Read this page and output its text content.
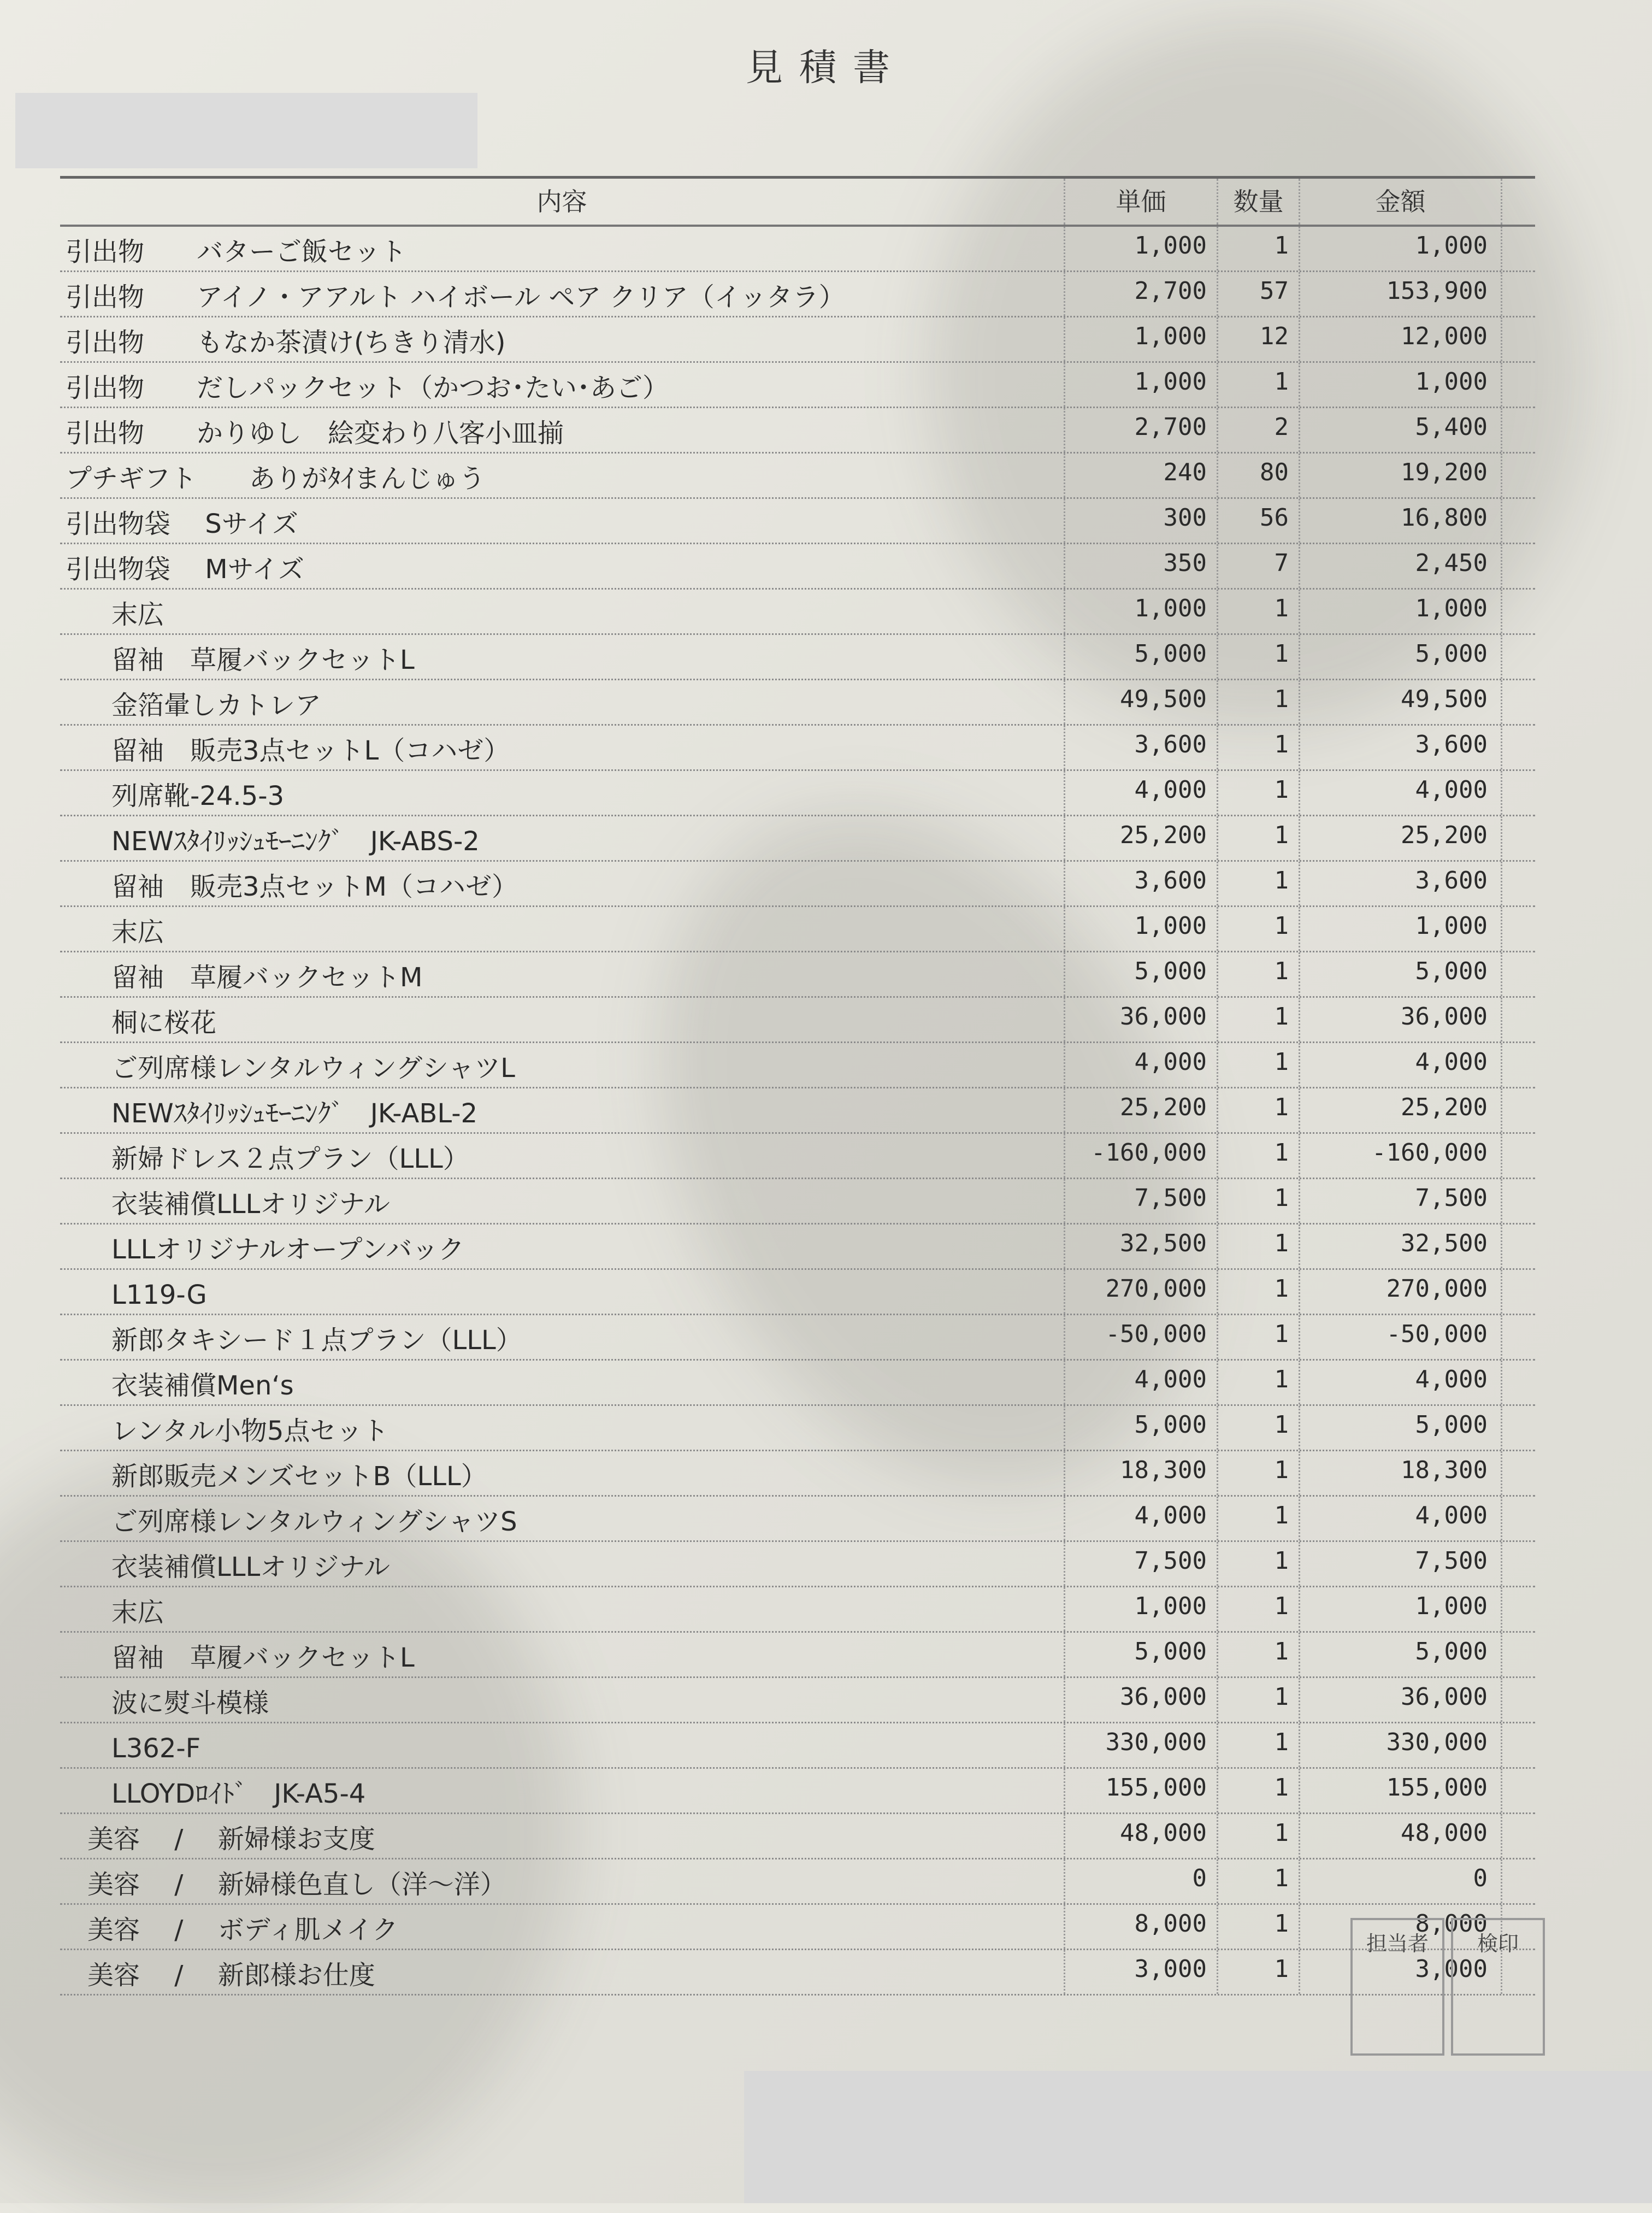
見積書
内容	単価	数量	金額
引出物　　バターご飯セット	1,000	1	1,000
引出物　　アイノ・アアルト ハイボール ペア クリア（イッタラ）	2,700	57	153,900
引出物　　もなか茶漬け(ちきり清水)	1,000	12	12,000
引出物　　だしパックセット（かつお･たい･あご）	1,000	1	1,000
引出物　　かりゆし　絵変わり八客小皿揃	2,700	2	5,400
プチギフト　　ありがﾀｲまんじゅう	240	80	19,200
引出物袋　 Sサイズ	300	56	16,800
引出物袋　 Mサイズ	350	7	2,450
末広	1,000	1	1,000
留袖　草履バックセットL	5,000	1	5,000
金箔暈しカトレア	49,500	1	49,500
留袖　販売3点セットL（コハゼ）	3,600	1	3,600
列席靴-24.5-3	4,000	1	4,000
NEWｽﾀｲﾘｯｼｭﾓｰﾆﾝｸﾞ　JK-ABS-2	25,200	1	25,200
留袖　販売3点セットM（コハゼ）	3,600	1	3,600
末広	1,000	1	1,000
留袖　草履バックセットM	5,000	1	5,000
桐に桜花	36,000	1	36,000
ご列席様レンタルウィングシャツL	4,000	1	4,000
NEWｽﾀｲﾘｯｼｭﾓｰﾆﾝｸﾞ　JK-ABL-2	25,200	1	25,200
新婦ドレス２点プラン（LLL）	-160,000	1	-160,000
衣装補償LLLオリジナル	7,500	1	7,500
LLLオリジナルオープンバック	32,500	1	32,500
L119-G	270,000	1	270,000
新郎タキシード１点プラン（LLL）	-50,000	1	-50,000
衣装補償Men‘s	4,000	1	4,000
レンタル小物5点セット	5,000	1	5,000
新郎販売メンズセットB（LLL）	18,300	1	18,300
ご列席様レンタルウィングシャツS	4,000	1	4,000
衣装補償LLLオリジナル	7,500	1	7,500
末広	1,000	1	1,000
留袖　草履バックセットL	5,000	1	5,000
波に熨斗模様	36,000	1	36,000
L362-F	330,000	1	330,000
LLOYDﾛｲﾄﾞ　JK-A5-4	155,000	1	155,000
美容　 /　 新婦様お支度	48,000	1	48,000
美容　 /　 新婦様色直し（洋～洋）	0	1	0
美容　 /　 ボディ肌メイク	8,000	1	8,000
美容　 /　 新郎様お仕度	3,000	1	3,000
担当者	検印
